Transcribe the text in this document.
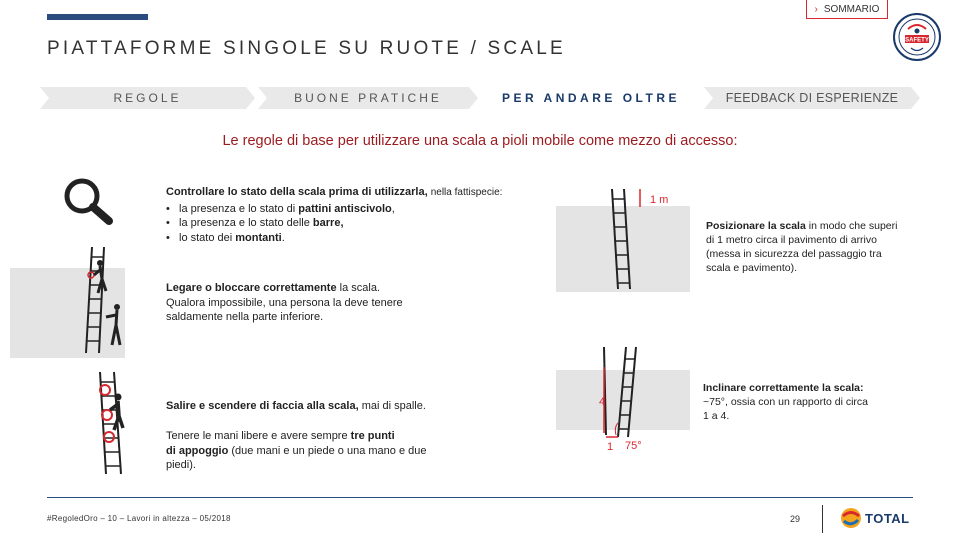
› SOMMARIO
PIATTAFORME SINGOLE SU RUOTE / SCALE	SAFETY
REGOLE	BUONE PRATICHE	PER ANDARE OLTRE	FEEDBACK DI ESPERIENZE
Le regole di base per utilizzare una scala a pioli mobile come mezzo di accesso:
Controllare lo stato della scala prima di utilizzarla, nella fattispecie:
• la presenza e lo stato di pattini antiscivolo,
• la presenza e lo stato delle barre,
• lo stato dei montanti.
Legare o bloccare correttamente la scala.
Qualora impossibile, una persona la deve tenere
saldamente nella parte inferiore.
Salire e scendere di faccia alla scala, mai di spalle.
Tenere le mani libere e avere sempre tre punti
di appoggio (due mani e un piede o una mano e due
piedi).
1 m
Posizionare la scala in modo che superi
di 1 metro circa il pavimento di arrivo
(messa in sicurezza del passaggio tra
scala e pavimento).
4
1 75°
Inclinare correttamente la scala:
~75°, ossia con un rapporto di circa
1 a 4.
#RegoledOro – 10 – Lavori in altezza – 05/2018	29	TOTAL
